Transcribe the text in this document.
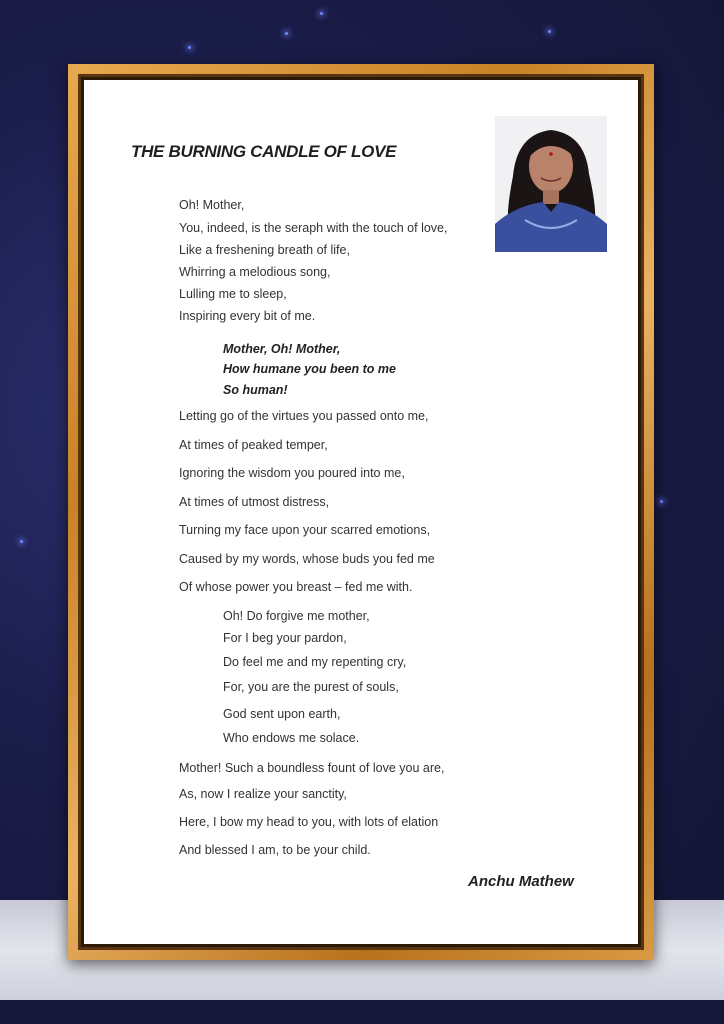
THE BURNING CANDLE OF LOVE
Oh! Mother,
You, indeed, is the seraph with the touch of love,
Like a freshening breath of life,
Whirring a melodious song,
Lulling me to sleep,
Inspiring every bit of me.
Mother, Oh! Mother,
How humane you been to me
So human!
Letting go of the virtues you passed onto me,
At times of peaked temper,
Ignoring the wisdom you poured into me,
At times of utmost distress,
Turning my face upon your scarred emotions,
Caused by my words, whose buds you fed me
Of whose power you breast – fed me with.
Oh! Do forgive me mother,
For I beg your pardon,
Do feel me and my repenting cry,
For, you are the purest of souls,
God sent upon earth,
Who endows me solace.
Mother! Such a boundless fount of love you are,
As, now I realize your sanctity,
Here, I bow my head to you, with lots of elation
And blessed I am, to be your child.
Anchu Mathew
